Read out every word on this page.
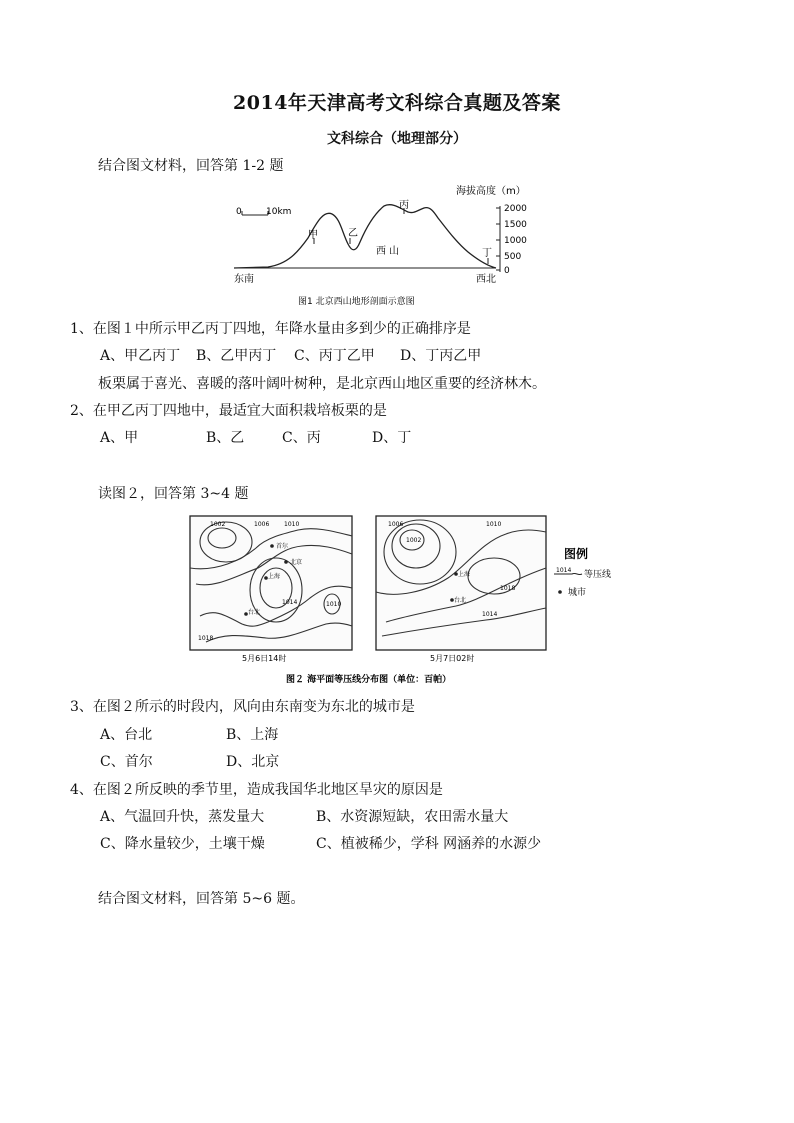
2014年天津高考文科综合真题及答案
文科综合（地理部分）
结合图文材料，回答第 1-2 题
海拔高度（m）
0	10km	2000
1500
1000
500
0
甲	乙
丙
丁
西 山
东南	西北
图1 北京西山地形剖面示意图
1、在图１中所示甲乙丙丁四地，年降水量由多到少的正确排序是
A、甲乙丙丁 B、乙甲丙丁 C、丙丁乙甲 D、丁丙乙甲
板栗属于喜光、喜暖的落叶阔叶树种，是北京西山地区重要的经济林木。
2、在甲乙丙丁四地中，最适宜大面积栽培板栗的是
A、甲	B、乙	C、丙	D、丁
读图２，回答第 3~4 题
1002	1006 1010
首尔
北京
上海
1014
台北
1018
1010
5月6日14时
1006
1002
1010
上海
1018
台北
1014
5月7日02时
图例
1014 等压线
城市
图２ 海平面等压线分布图（单位：百帕）
3、在图２所示的时段内，风向由东南变为东北的城市是
A、台北	B、上海
C、首尔	D、北京
4、在图２所反映的季节里，造成我国华北地区旱灾的原因是
A、气温回升快，蒸发量大	B、水资源短缺，农田需水量大
C、降水量较少，土壤干燥	C、植被稀少，学科 网涵养的水源少
结合图文材料，回答第 5~6 题。
